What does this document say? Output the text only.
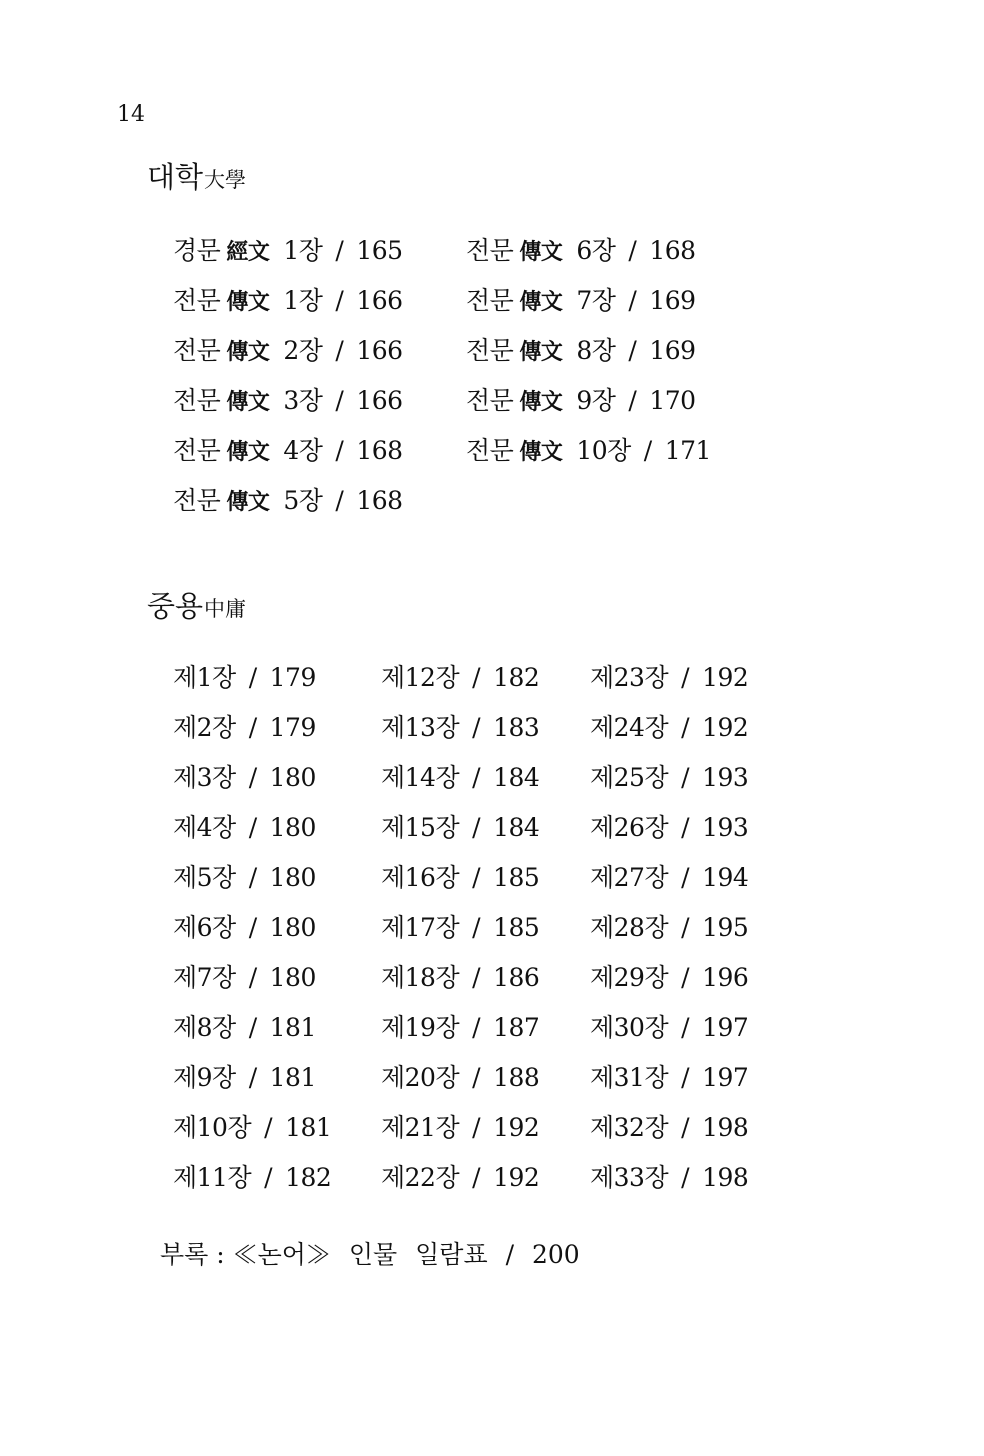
14
대학大學
경문 經文 1장 / 165
전문 傳文 1장 / 166
전문 傳文 2장 / 166
전문 傳文 3장 / 166
전문 傳文 4장 / 168
전문 傳文 5장 / 168
전문 傳文 6장 / 168
전문 傳文 7장 / 169
전문 傳文 8장 / 169
전문 傳文 9장 / 170
전문 傳文 10장 / 171
중용中庸
제1장 / 179
제2장 / 179
제3장 / 180
제4장 / 180
제5장 / 180
제6장 / 180
제7장 / 180
제8장 / 181
제9장 / 181
제10장 / 181
제11장 / 182
제12장 / 182
제13장 / 183
제14장 / 184
제15장 / 184
제16장 / 185
제17장 / 185
제18장 / 186
제19장 / 187
제20장 / 188
제21장 / 192
제22장 / 192
제23장 / 192
제24장 / 192
제25장 / 193
제26장 / 193
제27장 / 194
제28장 / 195
제29장 / 196
제30장 / 197
제31장 / 197
제32장 / 198
제33장 / 198
부록 : ≪논어≫ 인물 일람표 / 200
